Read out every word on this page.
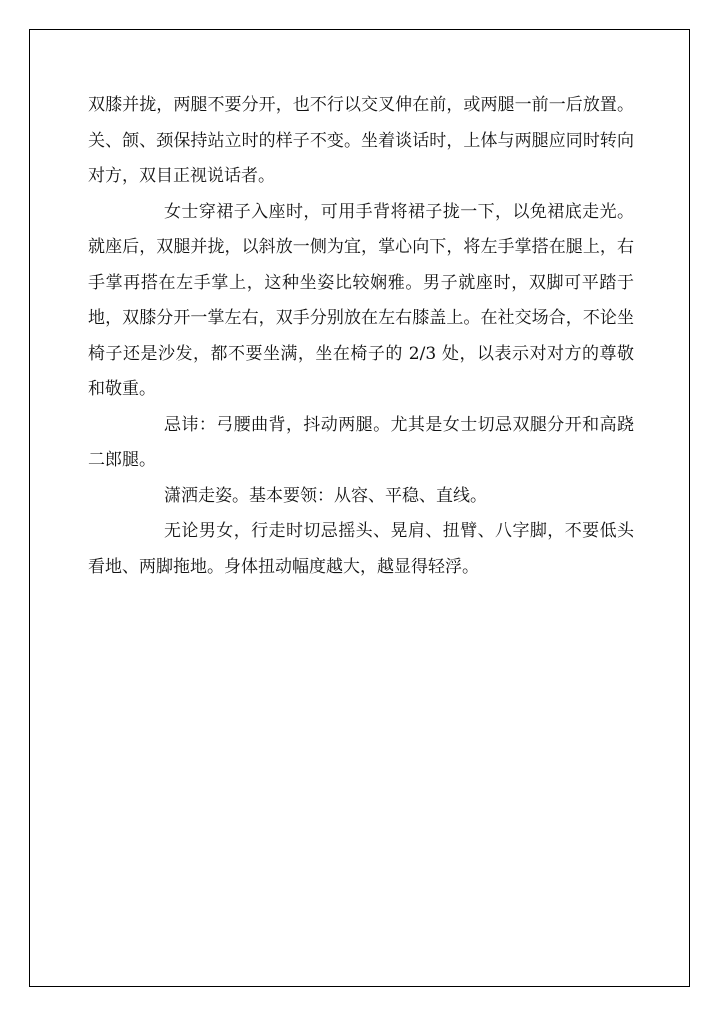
双膝并拢，两腿不要分开，也不行以交叉伸在前，或两腿一前一后放置。关、颌、颈保持站立时的样子不变。坐着谈话时，上体与两腿应同时转向对方，双目正视说话者。

女士穿裙子入座时，可用手背将裙子拢一下，以免裙底走光。就座后，双腿并拢，以斜放一侧为宜，掌心向下，将左手掌搭在腿上，右手掌再搭在左手掌上，这种坐姿比较娴雅。男子就座时，双脚可平踏于地，双膝分开一掌左右，双手分别放在左右膝盖上。在社交场合，不论坐椅子还是沙发，都不要坐满，坐在椅子的 2/3 处，以表示对对方的尊敬和敬重。

忌讳：弓腰曲背，抖动两腿。尤其是女士切忌双腿分开和高跷二郎腿。

潇洒走姿。基本要领：从容、平稳、直线。

无论男女，行走时切忌摇头、晃肩、扭臂、八字脚，不要低头看地、两脚拖地。身体扭动幅度越大，越显得轻浮。
